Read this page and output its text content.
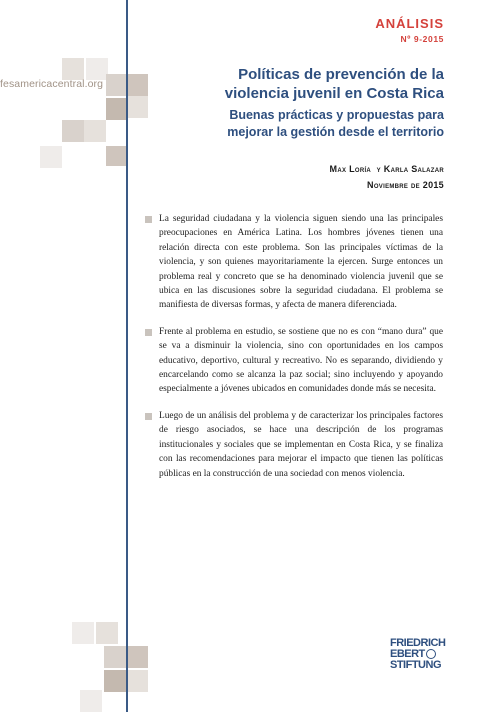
ANÁLISIS
Nº 9-2015
fesamericacentral.org
Políticas de prevención de la
violencia juvenil en Costa Rica
Buenas prácticas y propuestas para
mejorar la gestión desde el territorio
Max Loría  y Karla Salazar
Noviembre de 2015
La seguridad ciudadana y la violencia siguen siendo una las principales preocupaciones en América Latina. Los hombres jóvenes tienen una relación directa con este problema. Son las principales víctimas de la violencia, y son quienes mayoritariamente la ejercen. Surge entonces un problema real y concreto que se ha denominado violencia juvenil que se ubica en las discusiones sobre la seguridad ciudadana. El problema se manifiesta de diversas formas, y afecta de manera diferenciada.
Frente al problema en estudio, se sostiene que no es con “mano dura” que se va a disminuir la violencia, sino con oportunidades en los campos educativo, deportivo, cultural y recreativo. No es separando, dividiendo y encarcelando como se alcanza la paz social; sino incluyendo y apoyando especialmente a jóvenes ubicados en comunidades donde más se necesita.
Luego de un análisis del problema y de caracterizar los principales factores de riesgo asociados, se hace una descripción de los programas institucionales y sociales que se implementan en Costa Rica, y se finaliza con las recomendaciones para mejorar el impacto que tienen las políticas públicas en la construcción de una sociedad con menos violencia.
FRIEDRICH
EBERT
STIFTUNG
